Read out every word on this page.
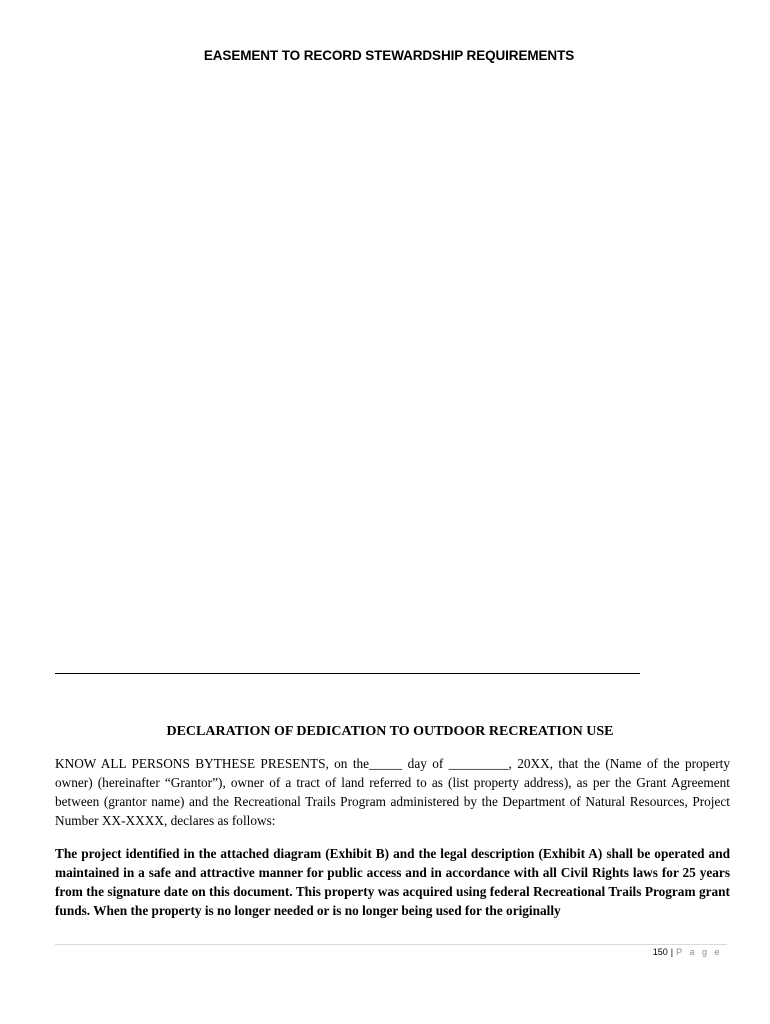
EASEMENT TO RECORD STEWARDSHIP REQUIREMENTS
DECLARATION OF DEDICATION TO OUTDOOR RECREATION USE
KNOW ALL PERSONS BYTHESE PRESENTS, on the_____ day of _________, 20XX, that the (Name of the property owner) (hereinafter “Grantor”), owner of a tract of land referred to as (list property address), as per the Grant Agreement between (grantor name) and the Recreational Trails Program administered by the Department of Natural Resources, Project Number XX-XXXX, declares as follows:
The project identified in the attached diagram (Exhibit B) and the legal description (Exhibit A) shall be operated and maintained in a safe and attractive manner for public access and in accordance with all Civil Rights laws for 25 years from the signature date on this document. This property was acquired using federal Recreational Trails Program grant funds. When the property is no longer needed or is no longer being used for the originally
150 | P a g e
